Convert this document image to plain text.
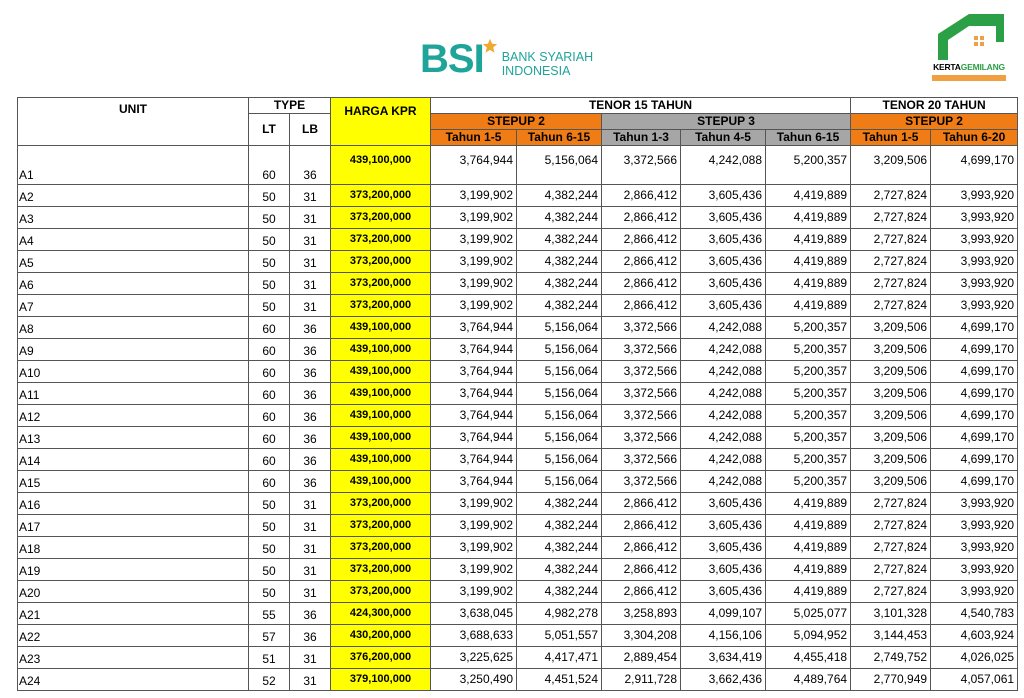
BSI BANK SYARIAH
INDONESIA	KERTAGEMILANG
UNIT	TYPE		HARGA KPR	TENOR 15 TAHUN					TENOR 20 TAHUN	
	LT	LB		STEPUP 2		STEPUP 3			STEPUP 2	
				Tahun 1-5	Tahun 6-15	Tahun 1-3	Tahun 4-5	Tahun 6-15	Tahun 1-5	Tahun 6-20
A1	60	36	439,100,000	3,764,944	5,156,064	3,372,566	4,242,088	5,200,357	3,209,506	4,699,170
A2	50	31	373,200,000	3,199,902	4,382,244	2,866,412	3,605,436	4,419,889	2,727,824	3,993,920
A3	50	31	373,200,000	3,199,902	4,382,244	2,866,412	3,605,436	4,419,889	2,727,824	3,993,920
A4	50	31	373,200,000	3,199,902	4,382,244	2,866,412	3,605,436	4,419,889	2,727,824	3,993,920
A5	50	31	373,200,000	3,199,902	4,382,244	2,866,412	3,605,436	4,419,889	2,727,824	3,993,920
A6	50	31	373,200,000	3,199,902	4,382,244	2,866,412	3,605,436	4,419,889	2,727,824	3,993,920
A7	50	31	373,200,000	3,199,902	4,382,244	2,866,412	3,605,436	4,419,889	2,727,824	3,993,920
A8	60	36	439,100,000	3,764,944	5,156,064	3,372,566	4,242,088	5,200,357	3,209,506	4,699,170
A9	60	36	439,100,000	3,764,944	5,156,064	3,372,566	4,242,088	5,200,357	3,209,506	4,699,170
A10	60	36	439,100,000	3,764,944	5,156,064	3,372,566	4,242,088	5,200,357	3,209,506	4,699,170
A11	60	36	439,100,000	3,764,944	5,156,064	3,372,566	4,242,088	5,200,357	3,209,506	4,699,170
A12	60	36	439,100,000	3,764,944	5,156,064	3,372,566	4,242,088	5,200,357	3,209,506	4,699,170
A13	60	36	439,100,000	3,764,944	5,156,064	3,372,566	4,242,088	5,200,357	3,209,506	4,699,170
A14	60	36	439,100,000	3,764,944	5,156,064	3,372,566	4,242,088	5,200,357	3,209,506	4,699,170
A15	60	36	439,100,000	3,764,944	5,156,064	3,372,566	4,242,088	5,200,357	3,209,506	4,699,170
A16	50	31	373,200,000	3,199,902	4,382,244	2,866,412	3,605,436	4,419,889	2,727,824	3,993,920
A17	50	31	373,200,000	3,199,902	4,382,244	2,866,412	3,605,436	4,419,889	2,727,824	3,993,920
A18	50	31	373,200,000	3,199,902	4,382,244	2,866,412	3,605,436	4,419,889	2,727,824	3,993,920
A19	50	31	373,200,000	3,199,902	4,382,244	2,866,412	3,605,436	4,419,889	2,727,824	3,993,920
A20	50	31	373,200,000	3,199,902	4,382,244	2,866,412	3,605,436	4,419,889	2,727,824	3,993,920
A21	55	36	424,300,000	3,638,045	4,982,278	3,258,893	4,099,107	5,025,077	3,101,328	4,540,783
A22	57	36	430,200,000	3,688,633	5,051,557	3,304,208	4,156,106	5,094,952	3,144,453	4,603,924
A23	51	31	376,200,000	3,225,625	4,417,471	2,889,454	3,634,419	4,455,418	2,749,752	4,026,025
A24	52	31	379,100,000	3,250,490	4,451,524	2,911,728	3,662,436	4,489,764	2,770,949	4,057,061
